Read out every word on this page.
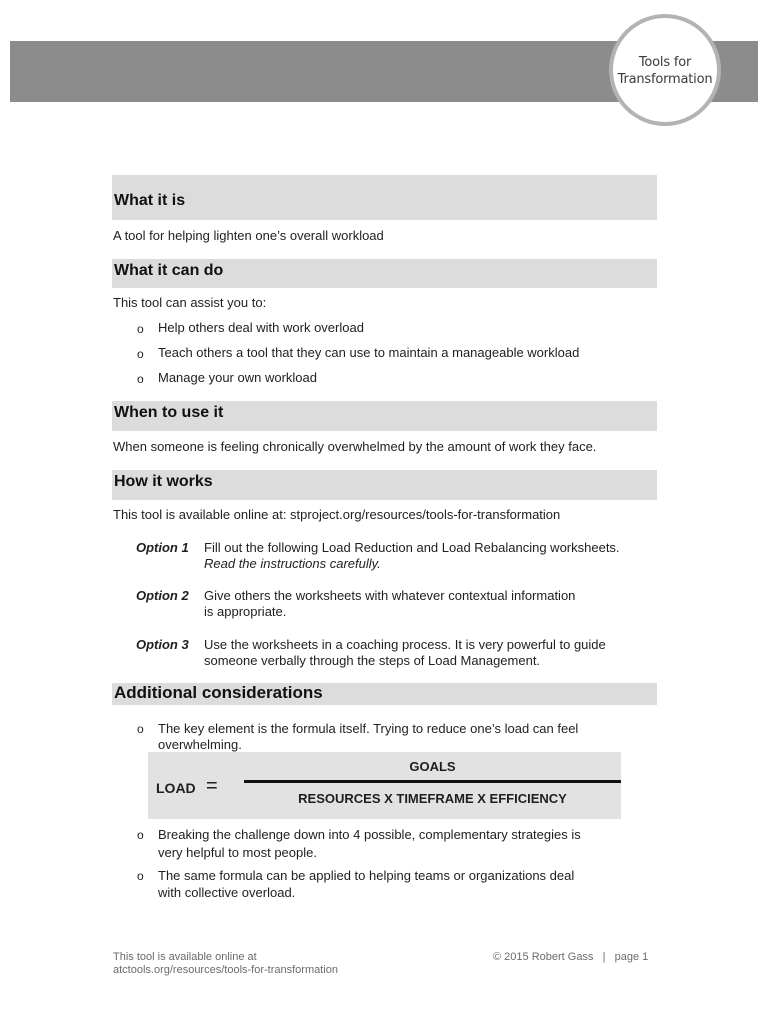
Tools for
Transformation
What it is
A tool for helping lighten one’s overall workload
What it can do
This tool can assist you to:
o Help others deal with work overload
o Teach others a tool that they can use to maintain a manageable workload
o Manage your own workload
When to use it
When someone is feeling chronically overwhelmed by the amount of work they face.
How it works
This tool is available online at: stproject.org/resources/tools-for-transformation
Option 1 Fill out the following Load Reduction and Load Rebalancing worksheets.
Read the instructions carefully.
Option 2 Give others the worksheets with whatever contextual information
is appropriate.
Option 3 Use the worksheets in a coaching process. It is very powerful to guide
someone verbally through the steps of Load Management.
Additional considerations
o The key element is the formula itself. Trying to reduce one’s load can feel
overwhelming.
LOAD =
GOALS
RESOURCES X TIMEFRAME X EFFICIENCY
o Breaking the challenge down into 4 possible, complementary strategies is
very helpful to most people.
o The same formula can be applied to helping teams or organizations deal
with collective overload.
This tool is available online at
atctools.org/resources/tools-for-transformation
© 2015 Robert Gass   |   page 1
